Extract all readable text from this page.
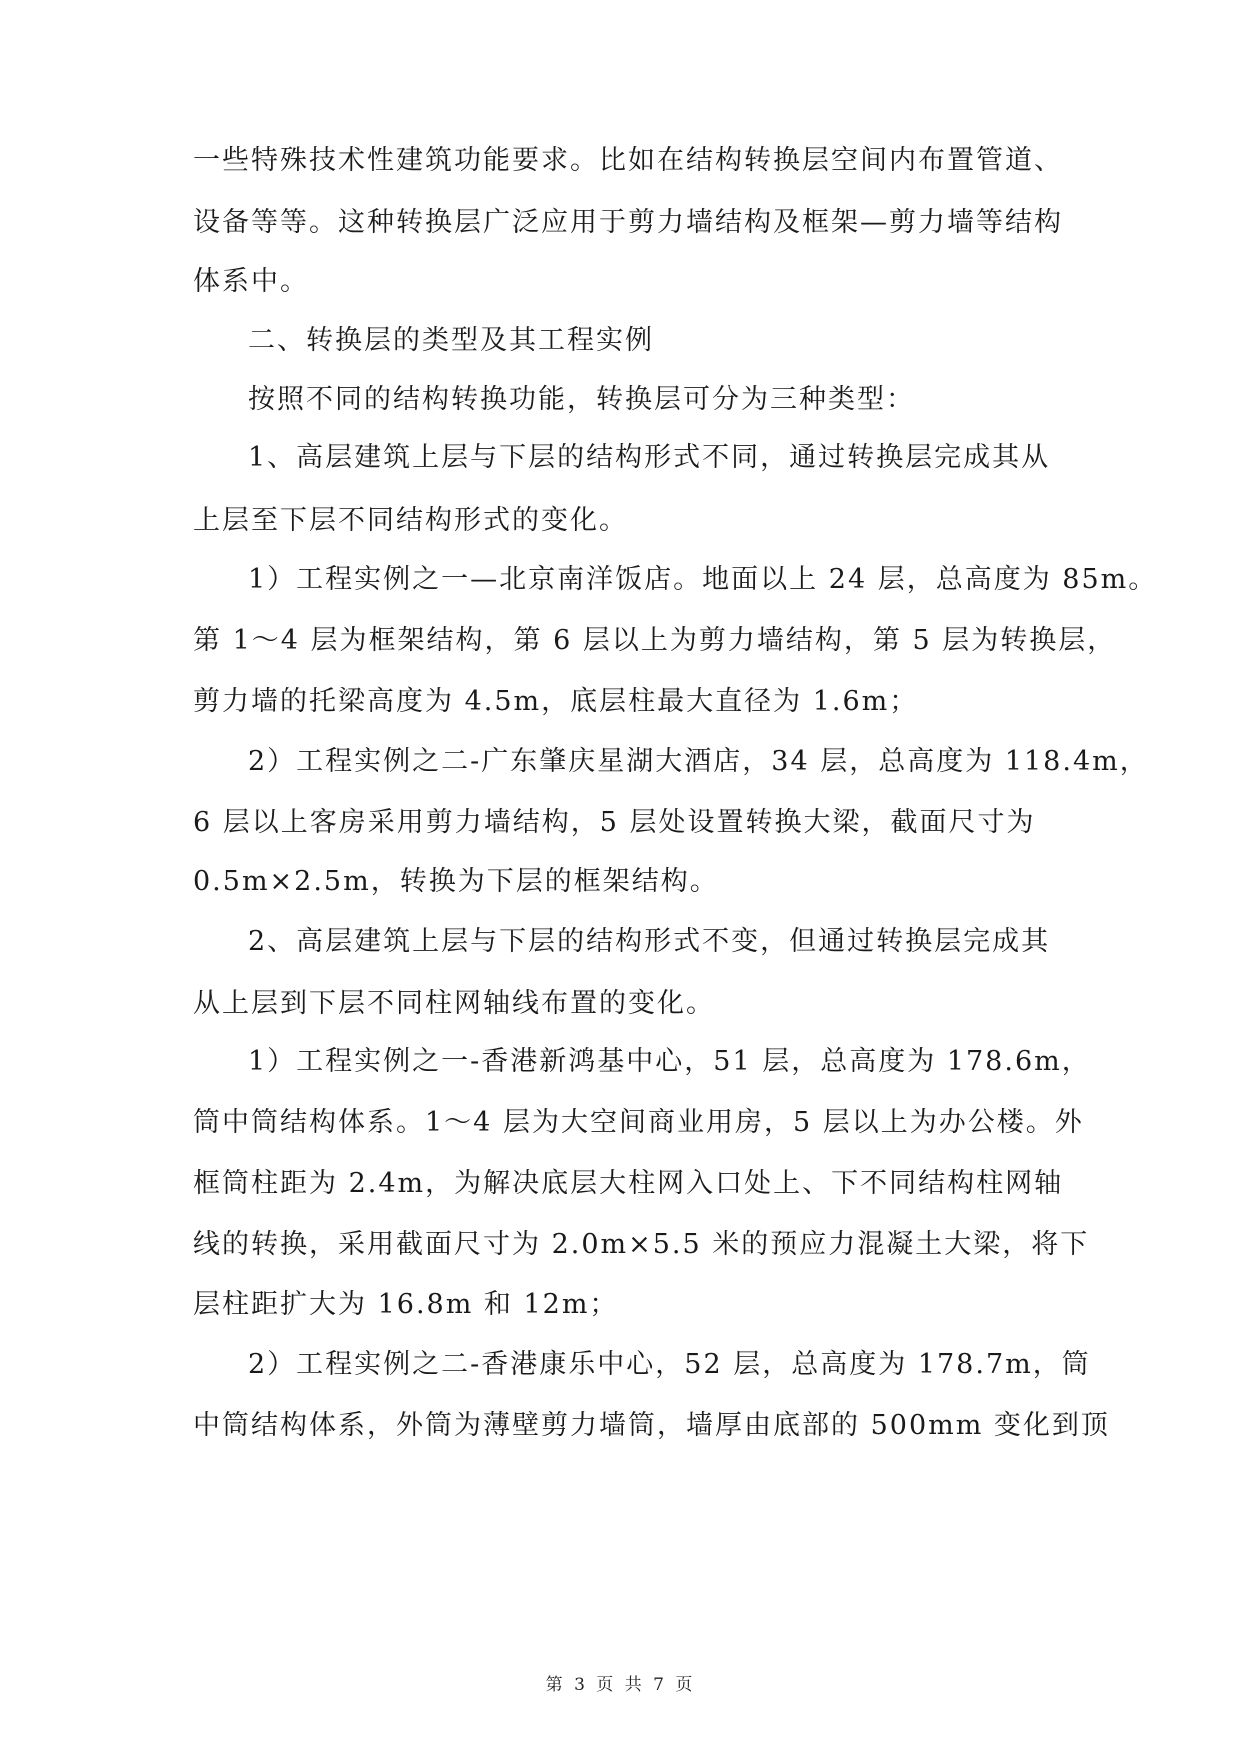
一些特殊技术性建筑功能要求。比如在结构转换层空间内布置管道、
设备等等。这种转换层广泛应用于剪力墙结构及框架—剪力墙等结构
体系中。
二、转换层的类型及其工程实例
按照不同的结构转换功能，转换层可分为三种类型：
1、高层建筑上层与下层的结构形式不同，通过转换层完成其从
上层至下层不同结构形式的变化。
1）工程实例之一—北京南洋饭店。地面以上 24 层，总高度为 85m。
第 1～4 层为框架结构，第 6 层以上为剪力墙结构，第 5 层为转换层，
剪力墙的托梁高度为 4.5m，底层柱最大直径为 1.6m；
2）工程实例之二-广东肇庆星湖大酒店，34 层，总高度为 118.4m，
6 层以上客房采用剪力墙结构，5 层处设置转换大梁，截面尺寸为
0.5m×2.5m，转换为下层的框架结构。
2、高层建筑上层与下层的结构形式不变，但通过转换层完成其
从上层到下层不同柱网轴线布置的变化。
1）工程实例之一-香港新鸿基中心，51 层，总高度为 178.6m，
筒中筒结构体系。1～4 层为大空间商业用房，5 层以上为办公楼。外
框筒柱距为 2.4m，为解决底层大柱网入口处上、下不同结构柱网轴
线的转换，采用截面尺寸为 2.0m×5.5 米的预应力混凝土大梁，将下
层柱距扩大为 16.8m 和 12m；
2）工程实例之二-香港康乐中心，52 层，总高度为 178.7m，筒
中筒结构体系，外筒为薄壁剪力墙筒，墙厚由底部的 500mm 变化到顶
第 3 页 共 7 页
